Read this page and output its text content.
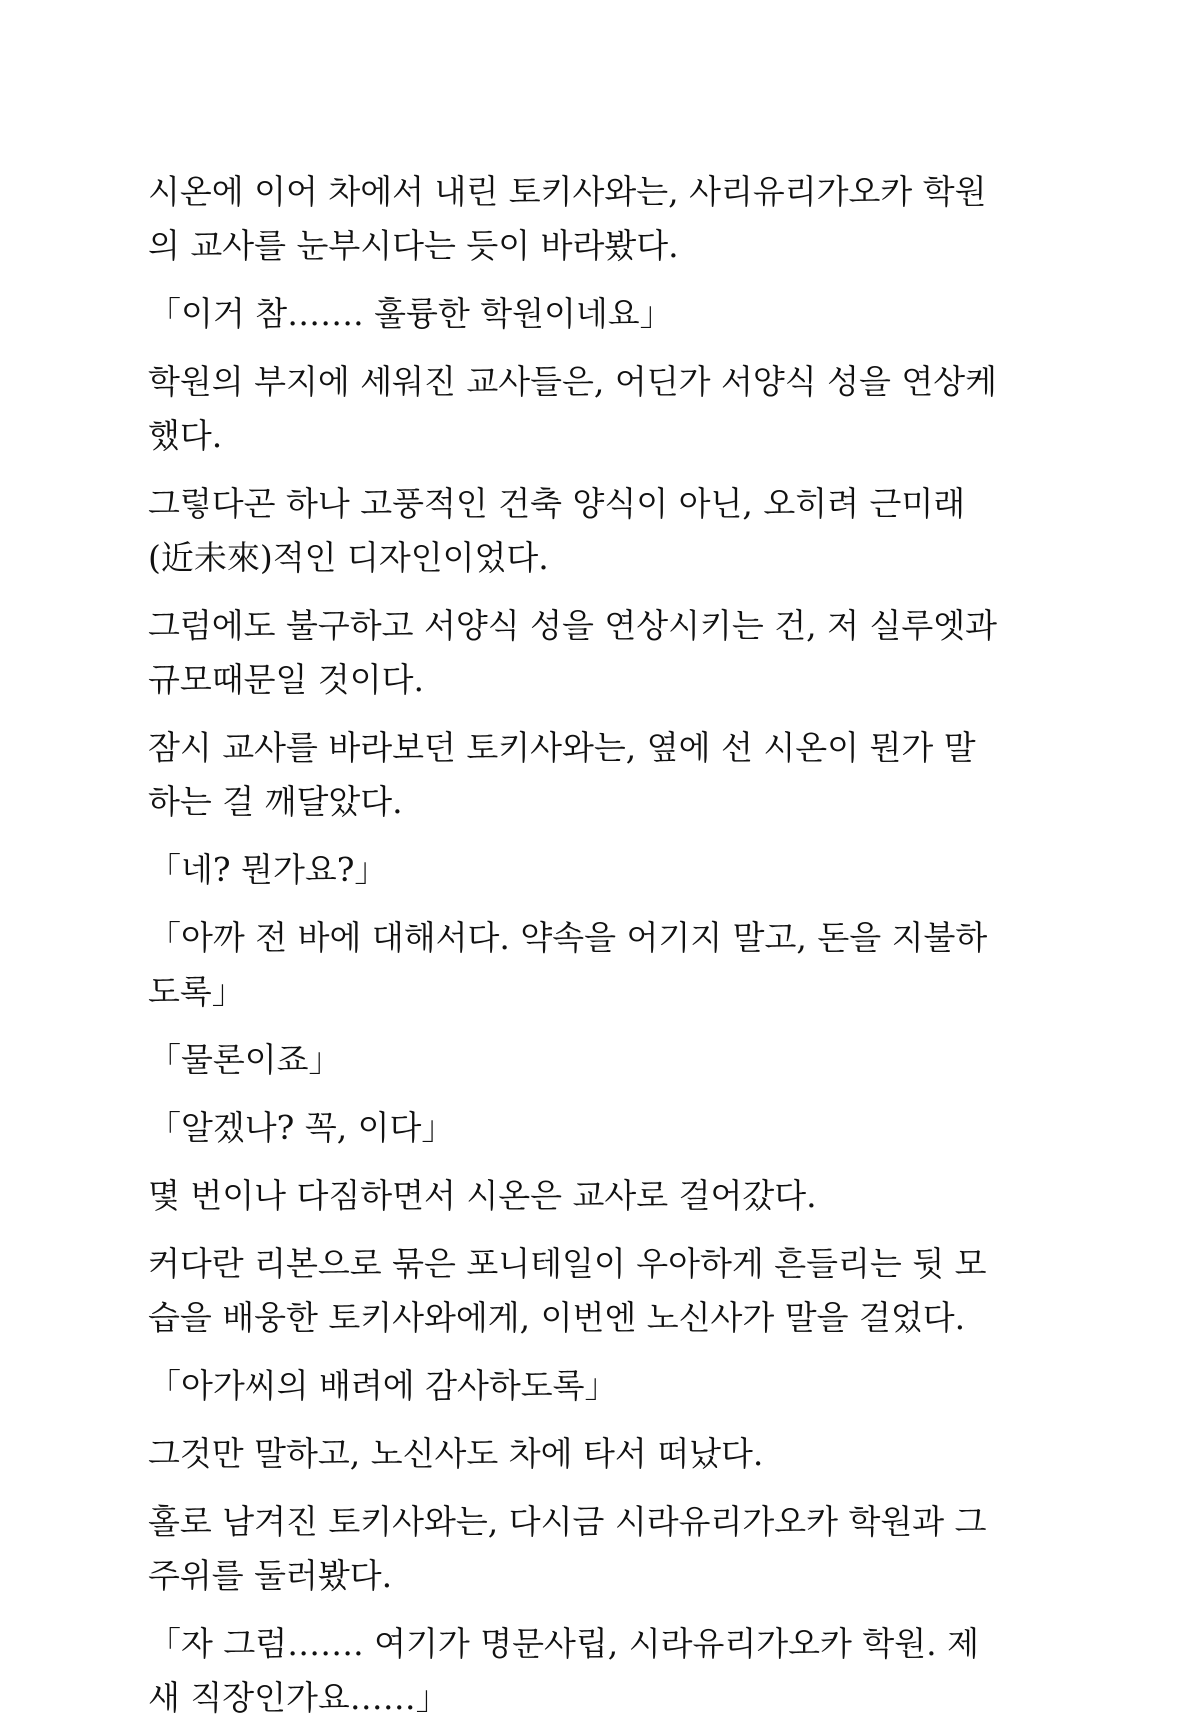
시온에 이어 차에서 내린 토키사와는, 사리유리가오카 학원
의 교사를 눈부시다는 듯이 바라봤다.

「이거 참……. 훌륭한 학원이네요」

학원의 부지에 세워진 교사들은, 어딘가 서양식 성을 연상케
했다.

그렇다곤 하나 고풍적인 건축 양식이 아닌, 오히려 근미래
(近未來)적인 디자인이었다.

그럼에도 불구하고 서양식 성을 연상시키는 건, 저 실루엣과
규모때문일 것이다.

잠시 교사를 바라보던 토키사와는, 옆에 선 시온이 뭔가 말
하는 걸 깨달았다.

「네? 뭔가요?」

「아까 전 바에 대해서다. 약속을 어기지 말고, 돈을 지불하
도록」

「물론이죠」

「알겠나? 꼭, 이다」

몇 번이나 다짐하면서 시온은 교사로 걸어갔다.

커다란 리본으로 묶은 포니테일이 우아하게 흔들리는 뒷 모
습을 배웅한 토키사와에게, 이번엔 노신사가 말을 걸었다.

「아가씨의 배려에 감사하도록」

그것만 말하고, 노신사도 차에 타서 떠났다.

홀로 남겨진 토키사와는, 다시금 시라유리가오카 학원과 그
주위를 둘러봤다.

「자 그럼……. 여기가 명문사립, 시라유리가오카 학원. 제
새 직장인가요……」
